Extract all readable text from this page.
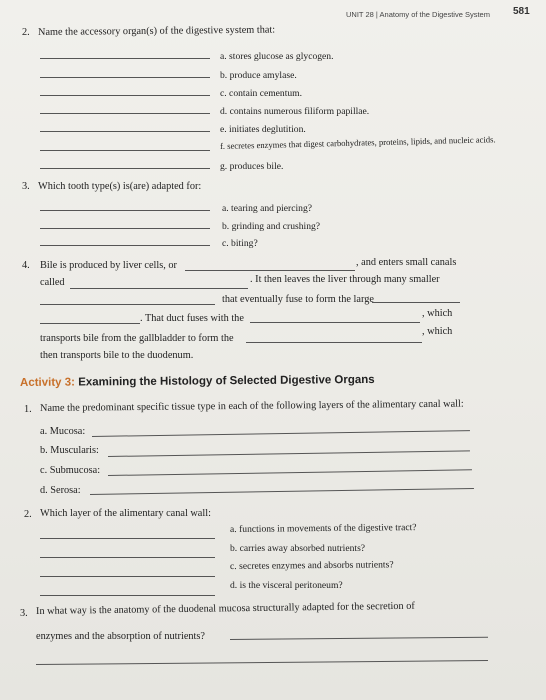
UNIT 28 | Anatomy of the Digestive System 581
2. Name the accessory organ(s) of the digestive system that:
a. stores glucose as glycogen.
b. produce amylase.
c. contain cementum.
d. contains numerous filiform papillae.
e. initiates deglutition.
f. secretes enzymes that digest carbohydrates, proteins, lipids, and nucleic acids.
g. produces bile.
3. Which tooth type(s) is(are) adapted for:
a. tearing and piercing?
b. grinding and crushing?
c. biting?
4. Bile is produced by liver cells, or	, and enters small canals
called	. It then leaves the liver through many smaller
that eventually fuse to form the large
. That duct fuses with the	, which
transports bile from the gallbladder to form the
, which
then transports bile to the duodenum.
Activity 3: Examining the Histology of Selected Digestive Organs
1. Name the predominant specific tissue type in each of the following layers of the alimentary canal wall:
a. Mucosa:
b. Muscularis:
c. Submucosa:
d. Serosa:
2. Which layer of the alimentary canal wall:
a. functions in movements of the digestive tract?
b. carries away absorbed nutrients?
c. secretes enzymes and absorbs nutrients?
d. is the visceral peritoneum?
3. In what way is the anatomy of the duodenal mucosa structurally adapted for the secretion of
enzymes and the absorption of nutrients?
